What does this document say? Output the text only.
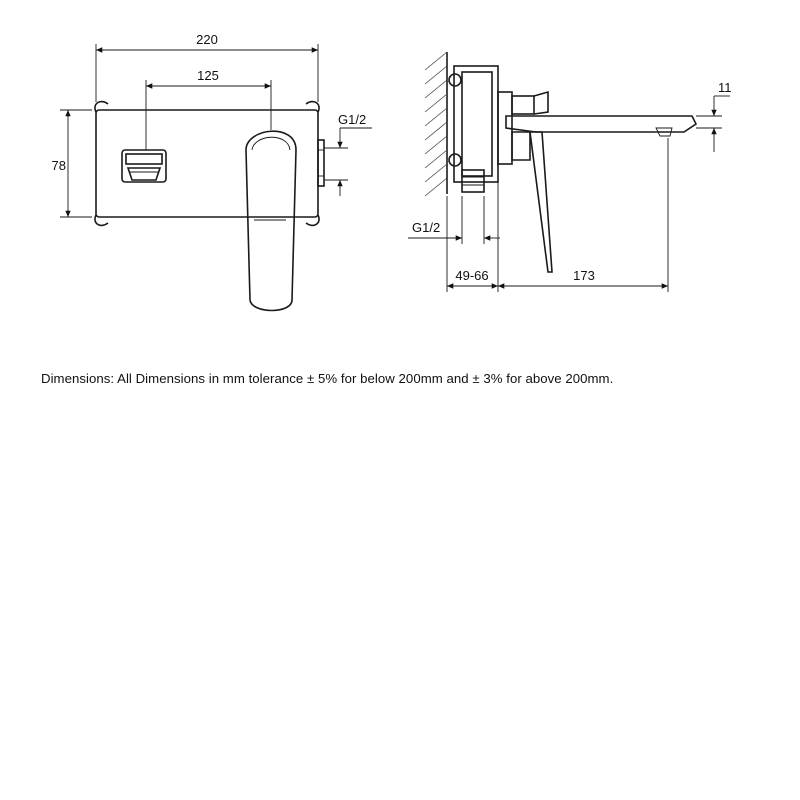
220
125
78
G1/2
11
G1/2
49-66	173
Dimensions: All Dimensions in mm tolerance ± 5% for below 200mm and ± 3% for above 200mm.
